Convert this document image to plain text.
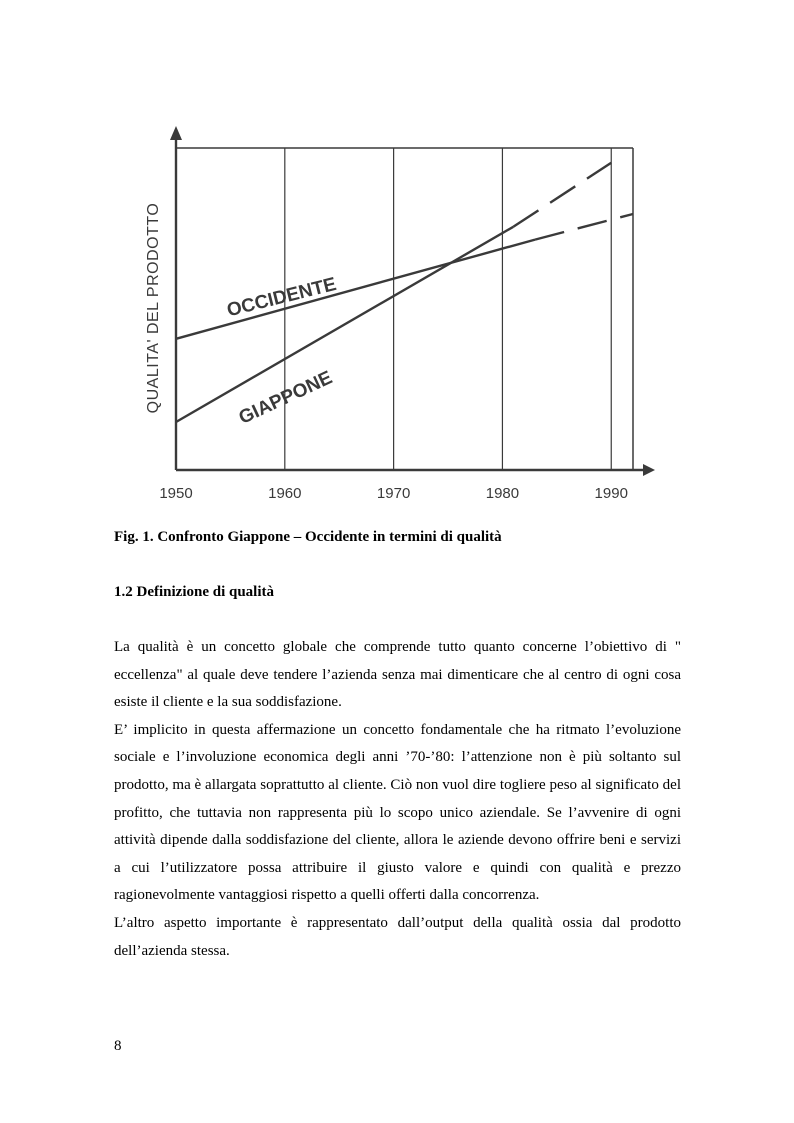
1950	1960	1970	1980	1990
QUALITA' DEL PRODOTTO	OCCIDENTE
GIAPPONE
Fig. 1. Confronto Giappone – Occidente in termini di qualità
1.2 Definizione di qualità

La qualità è un concetto globale che comprende tutto quanto concerne l’obiettivo di " eccellenza" al quale deve tendere l’azienda senza mai dimenticare che al centro di ogni cosa esiste il cliente e la sua soddisfazione.

E’ implicito in questa affermazione un concetto fondamentale che ha ritmato l’evoluzione sociale e l’involuzione economica degli anni ’70-’80: l’attenzione non è più soltanto sul prodotto, ma è allargata soprattutto al cliente. Ciò non vuol dire togliere peso al significato del profitto, che tuttavia non rappresenta più lo scopo unico aziendale. Se l’avvenire di ogni attività dipende dalla soddisfazione del cliente, allora le aziende devono offrire beni e servizi a cui l’utilizzatore possa attribuire il giusto valore e quindi con qualità e prezzo ragionevolmente vantaggiosi rispetto a quelli offerti dalla concorrenza.

L’altro aspetto importante è rappresentato dall’output della qualità ossia dal prodotto dell’azienda stessa.

8
